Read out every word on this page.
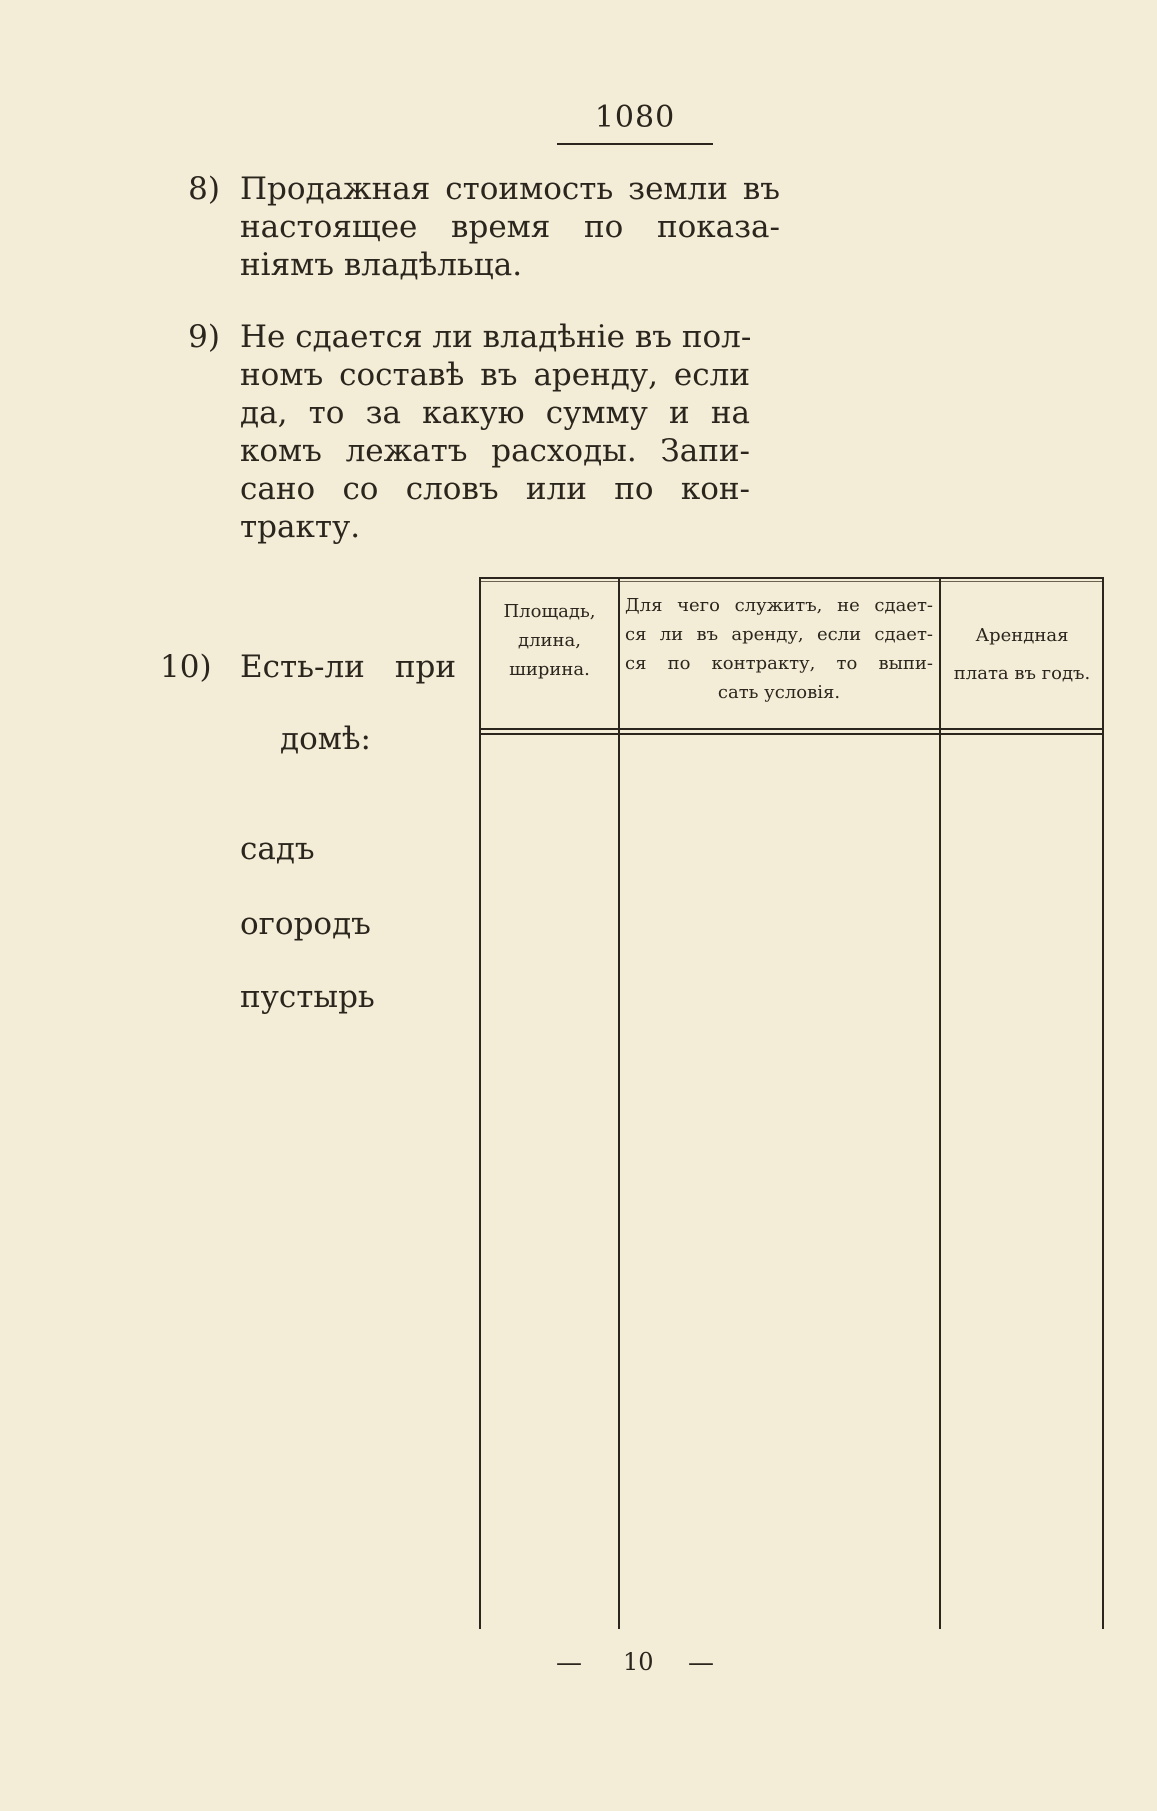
1080
8) Продажная стоимость земли въ
настоящее время по показа-
ніямъ владѣльца.
9) Не сдается ли владѣніе въ пол-
номъ составѣ въ аренду, если
да, то за какую сумму и на
комъ лежатъ расходы. Запи-
сано со словъ или по кон-
тракту.
10) Есть-ли при
домѣ:
садъ
огородъ
пустырь
Площадь,
длина,
ширина.
Для чего служитъ, не сдает-
ся ли въ аренду, если сдает-
ся по контракту, то выпи-
сать условія.
Арендная
плата въ годъ.
— 10 —
